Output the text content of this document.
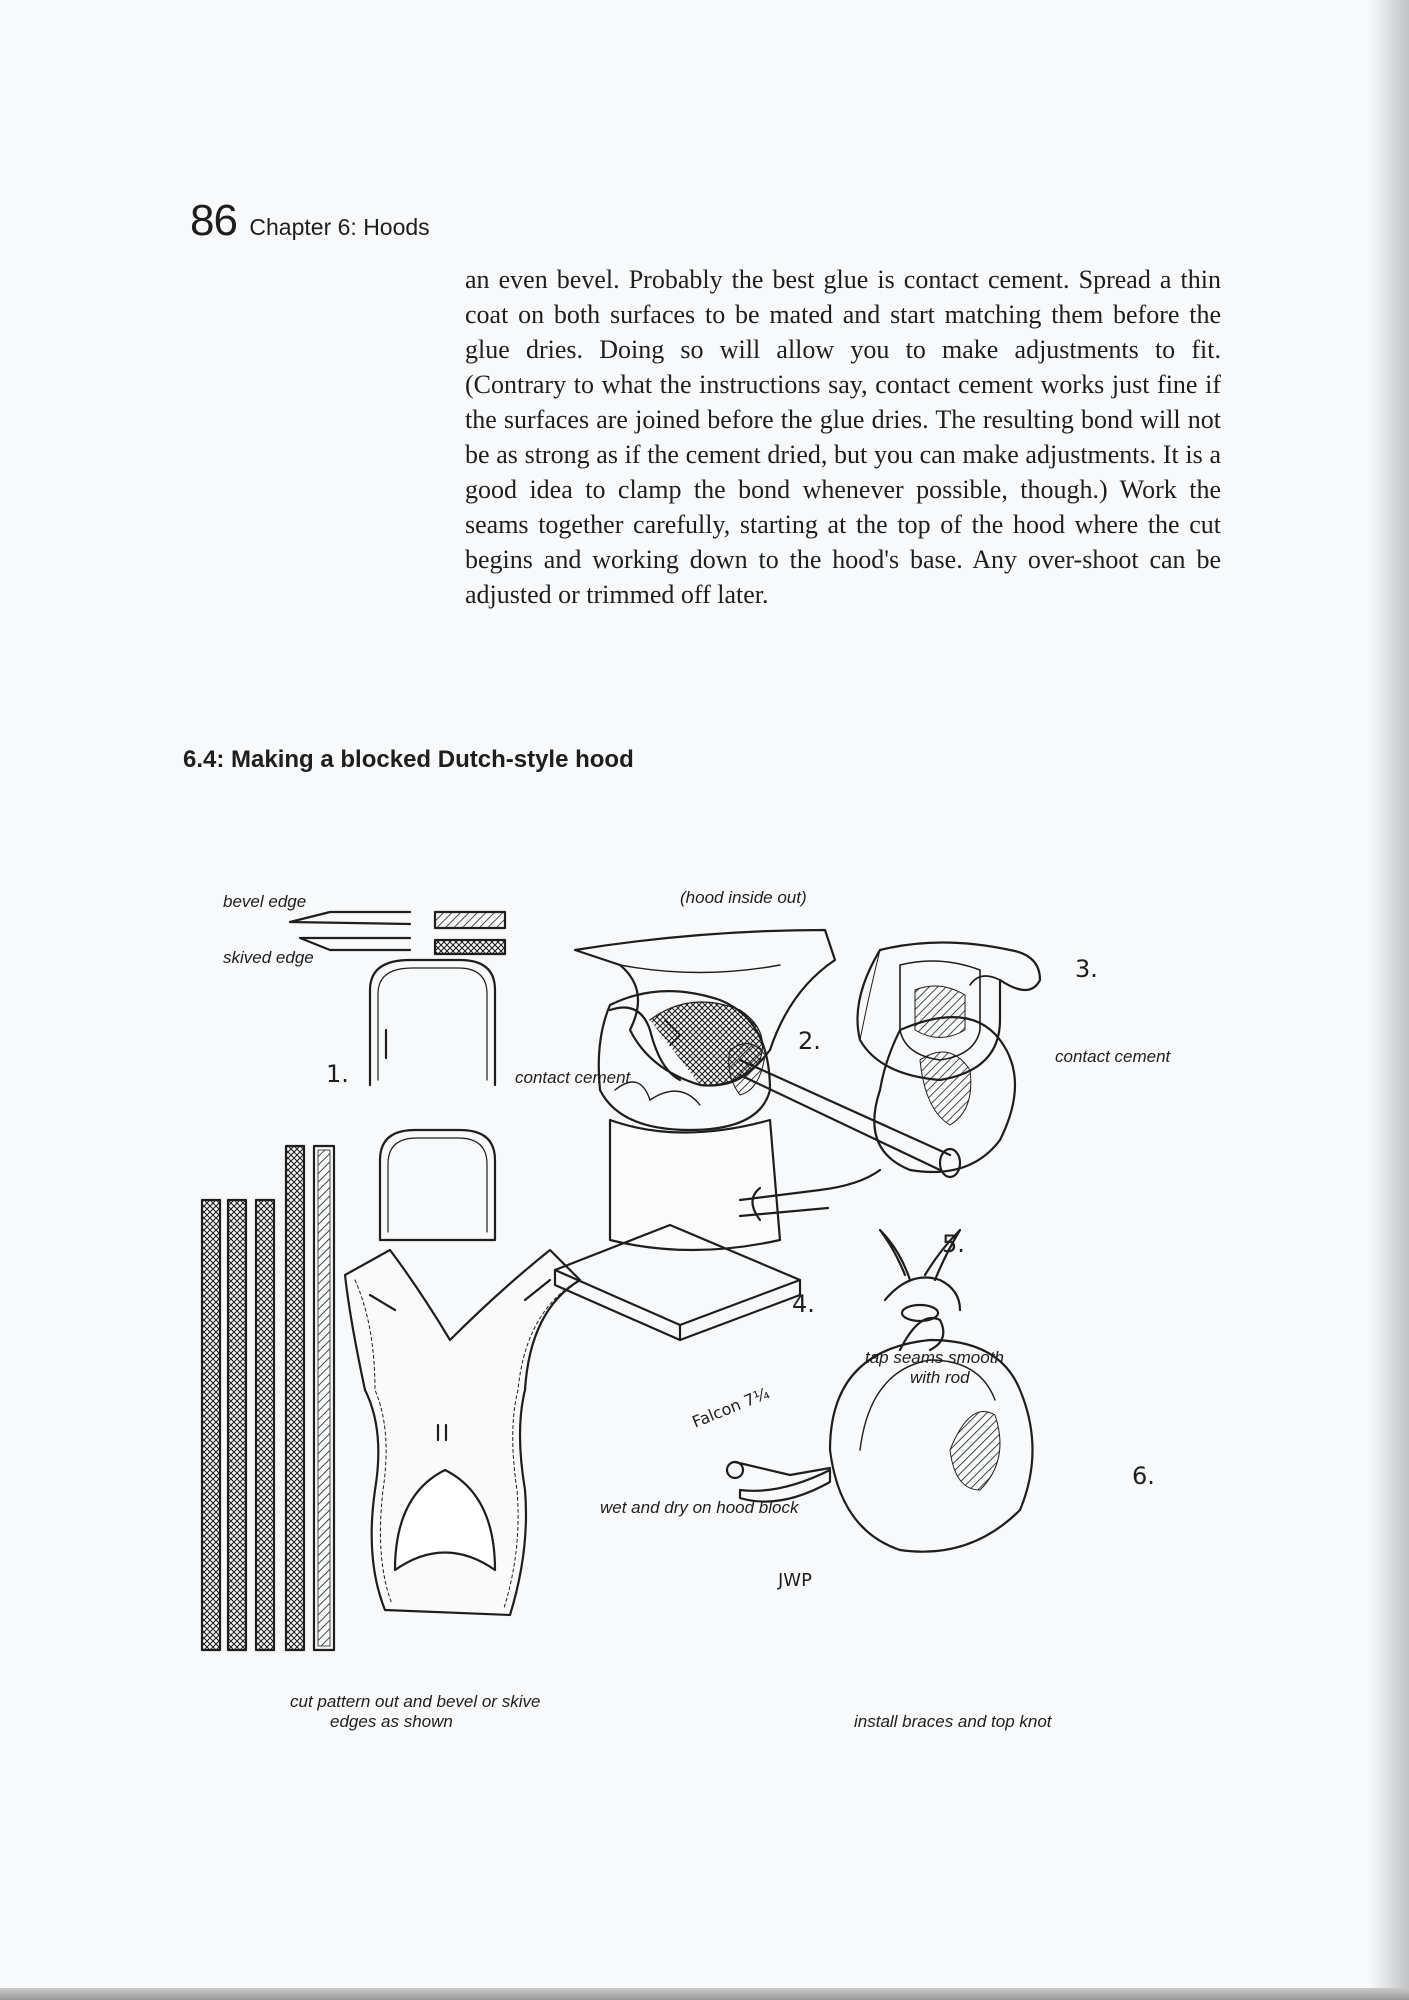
86 Chapter 6: Hoods

an even bevel. Probably the best glue is contact cement. Spread a thin coat on both surfaces to be mated and start matching them before the glue dries. Doing so will allow you to make adjustments to fit. (Contrary to what the instructions say, contact cement works just fine if the surfaces are joined before the glue dries. The resulting bond will not be as strong as if the cement dried, but you can make adjustments. It is a good idea to clamp the bond whenever possible, though.) Work the seams together carefully, starting at the top of the hood where the cut begins and working down to the hood's base. Any over-shoot can be adjusted or trimmed off later.

6.4: Making a blocked Dutch-style hood
bevel edge
skived edge
(hood inside out)
contact cement
contact cement
tap seams smooth
with rod
wet and dry on hood block
cut pattern out and bevel or skive
edges as shown	install braces and top knot
1.
2.
3.
4.
5.
6.
JWP
Falcon 7¹⁄₄
